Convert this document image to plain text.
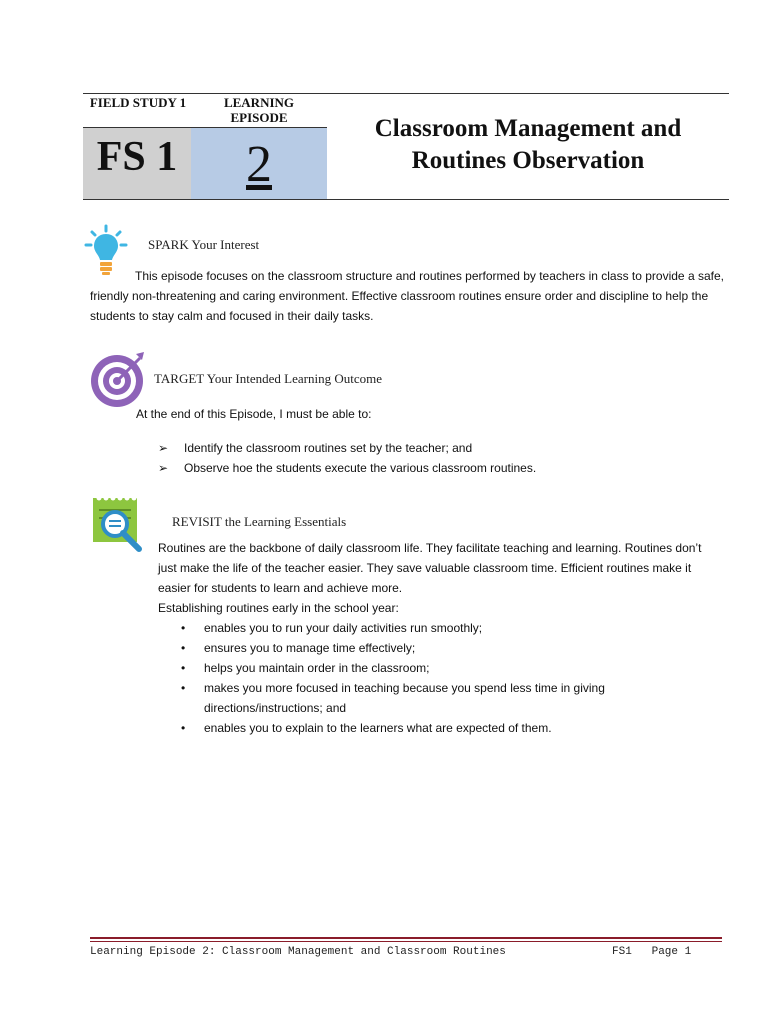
FIELD STUDY 1	LEARNING EPISODE
FS 1	2
Classroom Management and Routines Observation
SPARK Your Interest
This episode focuses on the classroom structure and routines performed by teachers in class to provide a safe, friendly non-threatening and caring environment. Effective classroom routines ensure order and discipline to help the students to stay calm and focused in their daily tasks.
TARGET Your Intended Learning Outcome
At the end of this Episode, I must be able to:
➢ Identify the classroom routines set by the teacher; and
➢ Observe hoe the students execute the various classroom routines.
REVISIT the Learning Essentials
Routines are the backbone of daily classroom life. They facilitate teaching and learning. Routines don’t just make the life of the teacher easier. They save valuable classroom time. Efficient routines make it easier for students to learn and achieve more.
Establishing routines early in the school year:
• enables you to run your daily activities run smoothly;
• ensures you to manage time effectively;
• helps you maintain order in the classroom;
• makes you more focused in teaching because you spend less time in giving directions/instructions; and
• enables you to explain to the learners what are expected of them.
Learning Episode 2: Classroom Management and Classroom Routines	FS1   Page 1
